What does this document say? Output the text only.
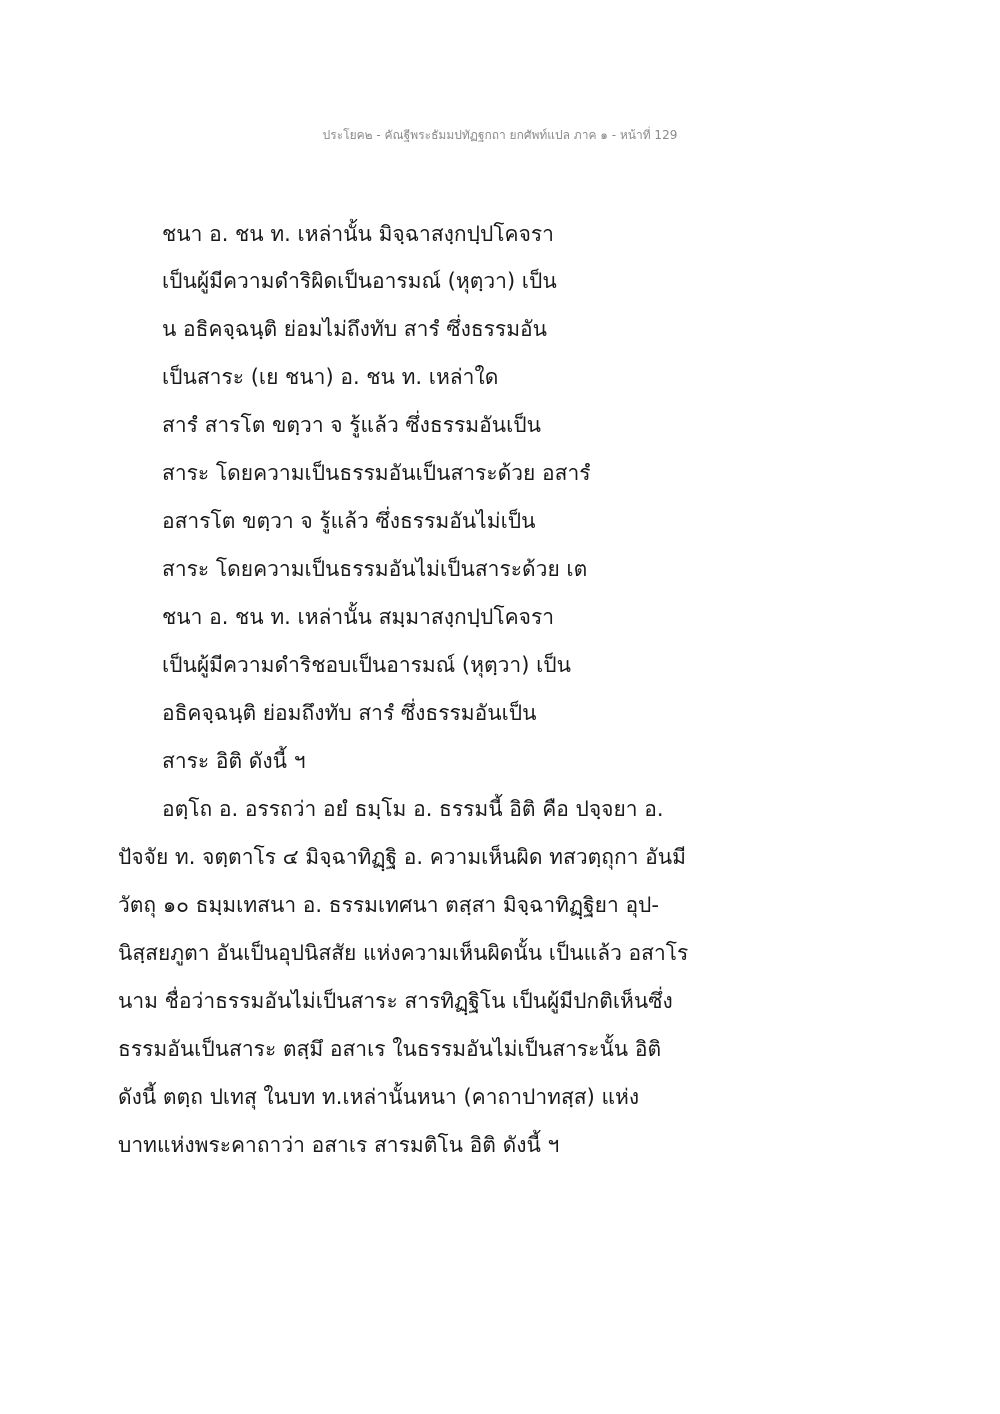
ประโยค๒ - คัณฐีพระธัมมปทัฏฐกถา ยกศัพท์แปล ภาค ๑ - หน้าที่ 129
ชนา อ. ชน ท. เหล่านั้น มิจฺฉาสงฺกปฺปโคจรา
เป็นผู้มีความดำริผิดเป็นอารมณ์ (หุตฺวา) เป็น
น อธิคจฺฉนฺติ ย่อมไม่ถึงทับ สารํ ซึ่งธรรมอัน
เป็นสาระ (เย ชนา) อ. ชน ท. เหล่าใด
สารํ สารโต ขตฺวา จ รู้แล้ว ซึ่งธรรมอันเป็น
สาระ โดยความเป็นธรรมอันเป็นสาระด้วย อสารํ
อสารโต ขตฺวา จ รู้แล้ว ซึ่งธรรมอันไม่เป็น
สาระ โดยความเป็นธรรมอันไม่เป็นสาระด้วย เต
ชนา อ. ชน ท. เหล่านั้น สมฺมาสงฺกปฺปโคจรา
เป็นผู้มีความดำริชอบเป็นอารมณ์ (หุตฺวา) เป็น
อธิคจฺฉนฺติ ย่อมถึงทับ สารํ ซึ่งธรรมอันเป็น
สาระ อิติ ดังนี้ ฯ
อตฺโถ อ. อรรถว่า อยํ ธมฺโม อ. ธรรมนี้ อิติ คือ ปจฺจยา อ.
ปัจจัย ท. จตฺตาโร ๔ มิจฺฉาทิฏฺฐิ อ. ความเห็นผิด ทสวตฺถุกา อันมี
วัตถุ ๑๐ ธมฺมเทสนา อ. ธรรมเทศนา ตสฺสา มิจฺฉาทิฏฺฐิยา อุป-
นิสฺสยภูตา อันเป็นอุปนิสสัย แห่งความเห็นผิดนั้น เป็นแล้ว อสาโร
นาม ชื่อว่าธรรมอันไม่เป็นสาระ สารทิฏฺฐิโน เป็นผู้มีปกติเห็นซึ่ง
ธรรมอันเป็นสาระ ตสฺมึ อสาเร ในธรรมอันไม่เป็นสาระนั้น อิติ
ดังนี้ ตตฺถ ปเทสุ ในบท ท.เหล่านั้นหนา (คาถาปาทสฺส) แห่ง
บาทแห่งพระคาถาว่า อสาเร สารมติโน อิติ ดังนี้ ฯ
